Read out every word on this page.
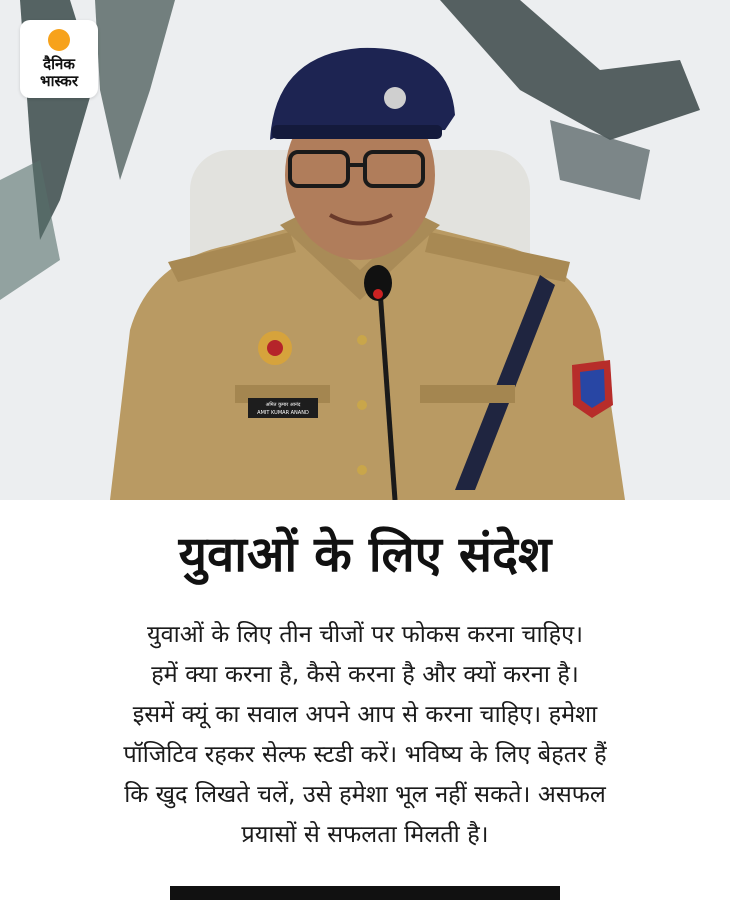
अमित कुमार आनंद
AMIT KUMAR ANAND
दैनिक
भास्कर
युवाओं के लिए संदेश
युवाओं के लिए तीन चीजों पर फोकस करना चाहिए।
हमें क्या करना है, कैसे करना है और क्यों करना है।
इसमें क्यूं का सवाल अपने आप से करना चाहिए। हमेशा
पॉजिटिव रहकर सेल्फ स्टडी करें। भविष्य के लिए बेहतर हैं
कि खुद लिखते चलें, उसे हमेशा भूल नहीं सकते। असफल
प्रयासों से सफलता मिलती है।
